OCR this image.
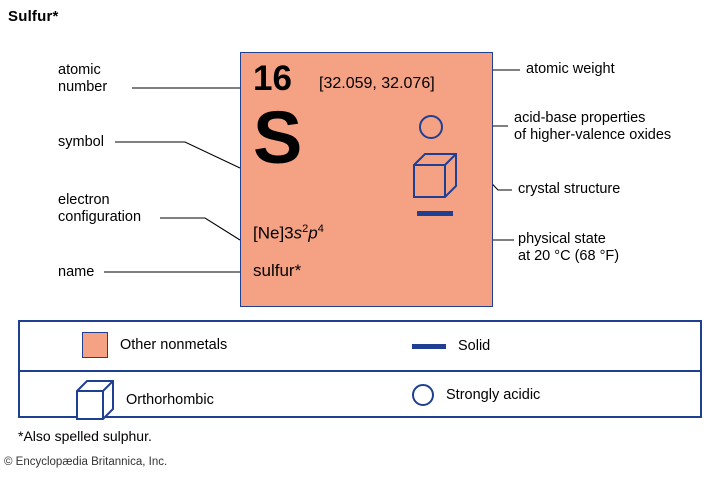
Sulfur*
16 [32.059, 32.076]
S
$[Ne]3s^2p^4$
sulfur*
atomic
number
symbol
electron
configuration
name
atomic weight
acid-base properties
of higher-valence oxides
crystal structure
physical state
at 20 °C (68 °F)
Other nonmetals	Solid
Orthorhombic	Strongly acidic
*Also spelled sulphur.
© Encyclopædia Britannica, Inc.
